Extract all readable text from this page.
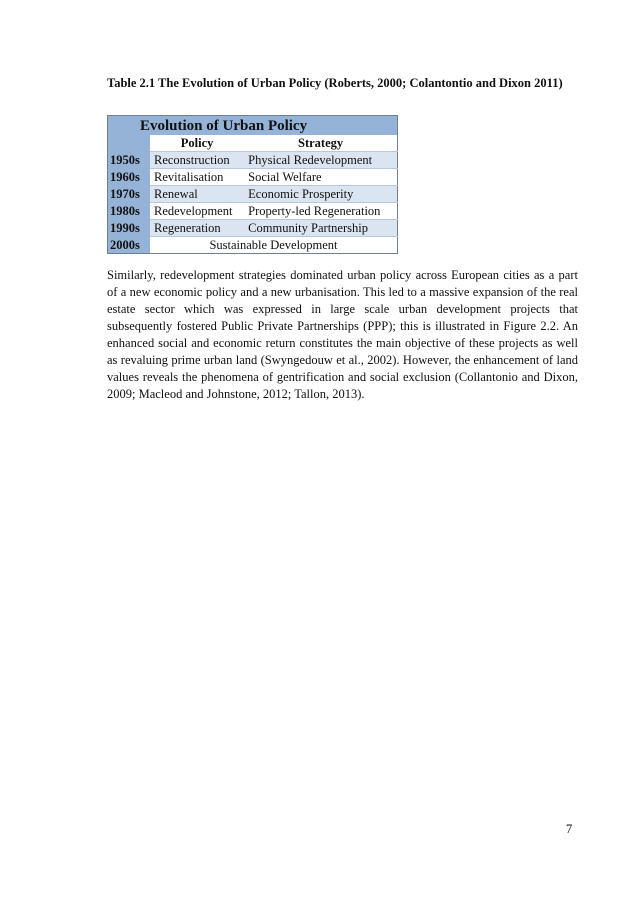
Table 2.1 The Evolution of Urban Policy (Roberts, 2000; Colantontio and Dixon 2011)
Evolution of Urban Policy		
	Policy	Strategy
1950s	Reconstruction	Physical Redevelopment
1960s	Revitalisation	Social Welfare
1970s	Renewal	Economic Prosperity
1980s	Redevelopment	Property-led Regeneration
1990s	Regeneration	Community Partnership
2000s	Sustainable Development	
Similarly, redevelopment strategies dominated urban policy across European cities as a part of a new economic policy and a new urbanisation. This led to a massive expansion of the real estate sector which was expressed in large scale urban development projects that subsequently fostered Public Private Partnerships (PPP); this is illustrated in Figure 2.2. An enhanced social and economic return constitutes the main objective of these projects as well as revaluing prime urban land (Swyngedouw et al., 2002). However, the enhancement of land values reveals the phenomena of gentrification and social exclusion (Collantonio and Dixon, 2009; Macleod and Johnstone, 2012; Tallon, 2013).
7
